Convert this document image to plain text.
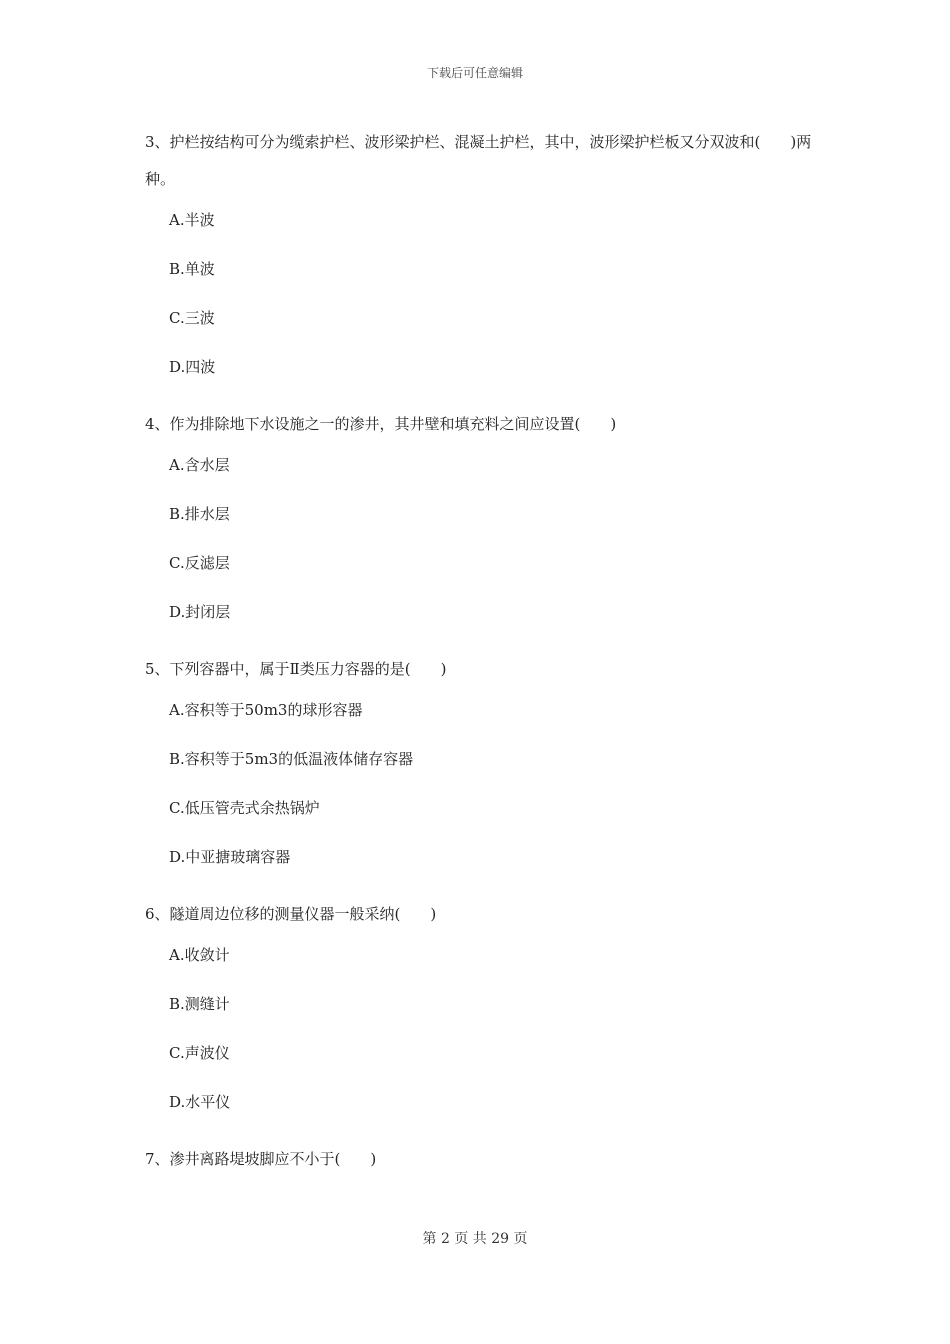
下载后可任意编辑

3、护栏按结构可分为缆索护栏、波形梁护栏、混凝土护栏，其中，波形梁护栏板又分双波和(　　)两种。

A.半波
B.单波
C.三波
D.四波

4、作为排除地下水设施之一的渗井，其井壁和填充料之间应设置(　　)

A.含水层
B.排水层
C.反滤层
D.封闭层

5、下列容器中，属于Ⅱ类压力容器的是(　　)

A.容积等于50m3的球形容器
B.容积等于5m3的低温液体储存容器
C.低压管壳式余热锅炉
D.中亚搪玻璃容器

6、隧道周边位移的测量仪器一般采纳(　　)

A.收敛计
B.测缝计
C.声波仪
D.水平仪

7、渗井离路堤坡脚应不小于(　　)

第 2 页 共 29 页
